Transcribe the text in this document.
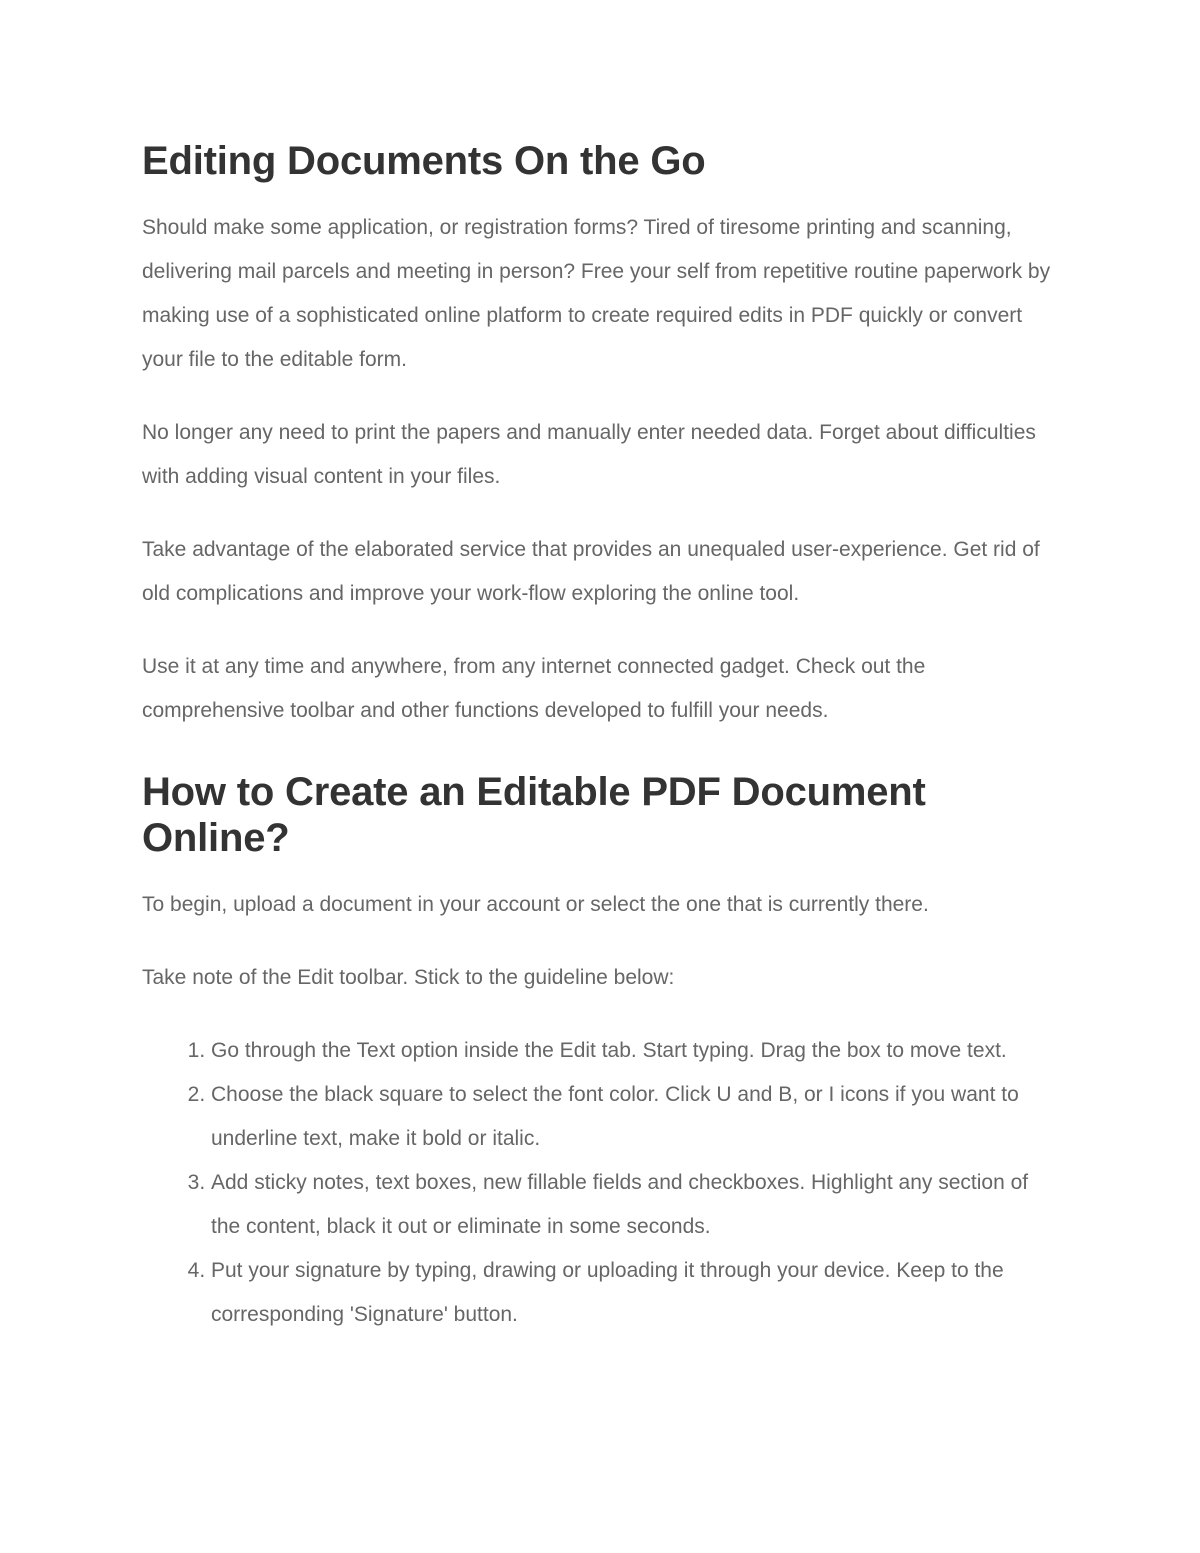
Editing Documents On the Go

Should make some application, or registration forms? Tired of tiresome printing and scanning, delivering mail parcels and meeting in person? Free your self from repetitive routine paperwork by making use of a sophisticated online platform to create required edits in PDF quickly or convert your file to the editable form.

No longer any need to print the papers and manually enter needed data. Forget about difficulties with adding visual content in your files.

Take advantage of the elaborated service that provides an unequaled user-experience. Get rid of old complications and improve your work-flow exploring the online tool.

Use it at any time and anywhere, from any internet connected gadget. Check out the comprehensive toolbar and other functions developed to fulfill your needs.

How to Create an Editable PDF Document Online?

To begin, upload a document in your account or select the one that is currently there.

Take note of the Edit toolbar. Stick to the guideline below:

1. Go through the Text option inside the Edit tab. Start typing. Drag the box to move text.
2. Choose the black square to select the font color. Click U and B, or I icons if you want to underline text, make it bold or italic.
3. Add sticky notes, text boxes, new fillable fields and checkboxes. Highlight any section of the content, black it out or eliminate in some seconds.
4. Put your signature by typing, drawing or uploading it through your device. Keep to the corresponding 'Signature' button.
